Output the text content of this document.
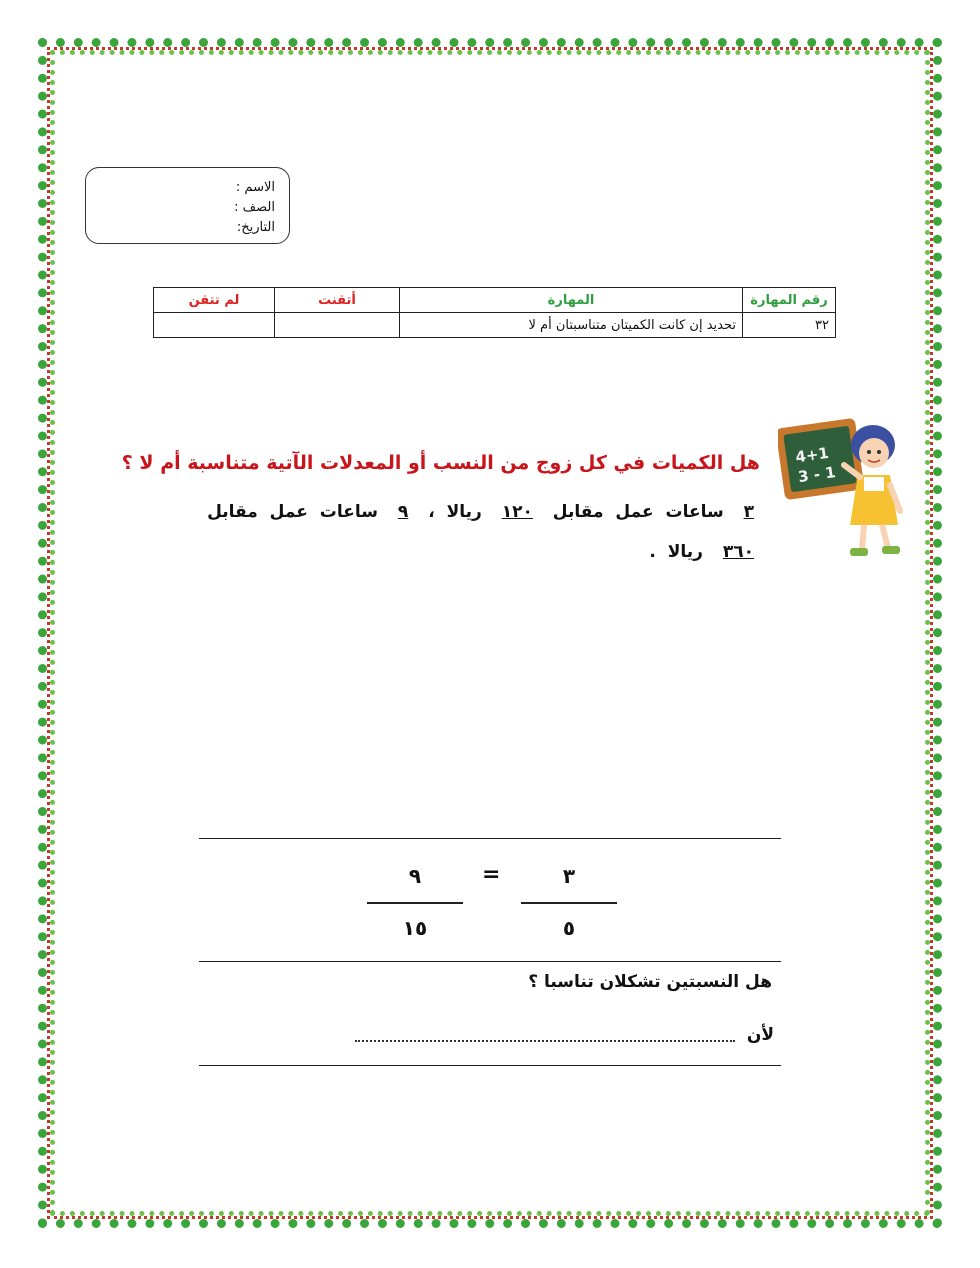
الاسم :
الصف :
التاريخ:
رقم المهارة	المهارة	أتقنت	لم تتقن
٣٢	تحديد إن كانت الكميتان متناسبتان أم لا		
هل الكميات في كل زوج من النسب أو المعدلات الآتية متناسبة أم لا ؟
٣ ساعات عمل مقابل ١٢٠ ريالا ، ٩ ساعات عمل مقابل ٣٦٠ ريالا .
4+1
3 - 1
٩
١٥
=	٣
٥
هل النسبتين تشكلان تناسبا ؟
لأن
